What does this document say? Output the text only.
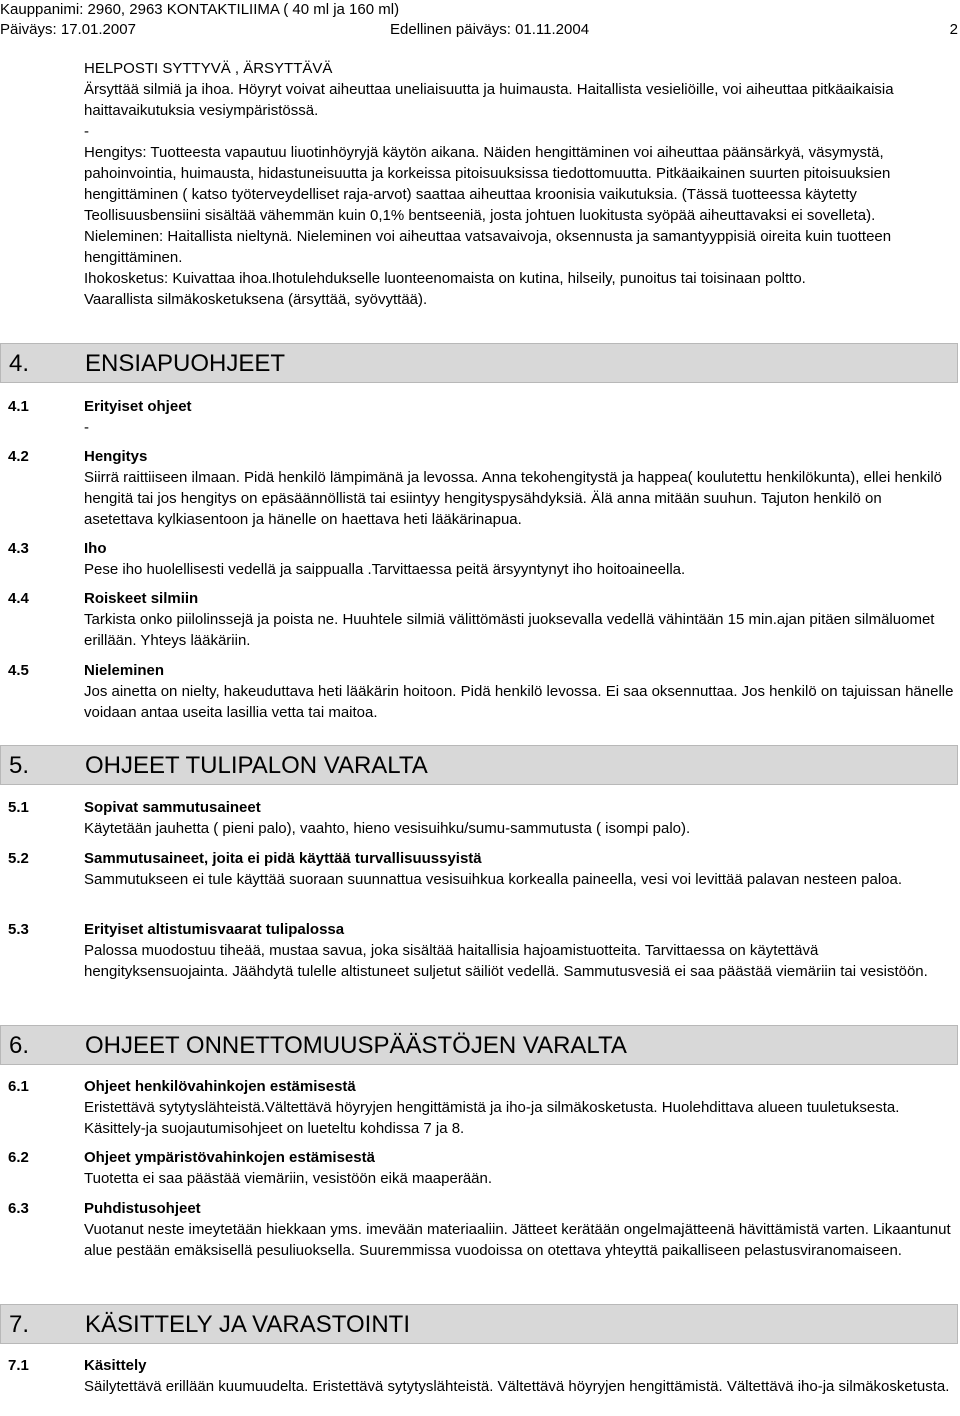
Kauppanimi: 2960, 2963 KONTAKTILIIMA ( 40 ml ja 160 ml)
Päiväys: 17.01.2007	Edellinen päiväys: 01.11.2004	2

HELPOSTI SYTTYVÄ , ÄRSYTTÄVÄ

Ärsyttää silmiä ja ihoa. Höyryt voivat aiheuttaa uneliaisuutta ja huimausta. Haitallista vesieliöille, voi aiheuttaa pitkäaikaisia haittavaikutuksia vesiympäristössä.

-

Hengitys: Tuotteesta vapautuu liuotinhöyryjä käytön aikana. Näiden hengittäminen voi aiheuttaa päänsärkyä, väsymystä, pahoinvointia, huimausta, hidastuneisuutta ja korkeissa pitoisuuksissa tiedottomuutta. Pitkäaikainen suurten pitoisuuksien hengittäminen ( katso työterveydelliset raja-arvot) saattaa aiheuttaa kroonisia vaikutuksia. (Tässä tuotteessa käytetty Teollisuusbensiini sisältää vähemmän kuin 0,1% bentseeniä, josta johtuen luokitusta syöpää aiheuttavaksi ei sovelleta).

Nieleminen: Haitallista nieltynä. Nieleminen voi aiheuttaa vatsavaivoja, oksennusta ja samantyyppisiä oireita kuin tuotteen hengittäminen.

Ihokosketus: Kuivattaa ihoa.Ihotulehdukselle luonteenomaista on kutina, hilseily, punoitus tai toisinaan poltto.

Vaarallista silmäkosketuksena (ärsyttää, syövyttää).

4. ENSIAPUOHJEET
4.1	Erityiset ohjeet
-
4.2	Hengitys
Siirrä raittiiseen ilmaan. Pidä henkilö lämpimänä ja levossa. Anna tekohengitystä ja happea( koulutettu henkilökunta), ellei henkilö hengitä tai jos hengitys on epäsäännöllistä tai esiintyy hengityspysähdyksiä. Älä anna mitään suuhun. Tajuton henkilö on asetettava kylkiasentoon ja hänelle on haettava heti lääkärinapua.
4.3	Iho
Pese iho huolellisesti vedellä ja saippualla .Tarvittaessa peitä ärsyyntynyt iho hoitoaineella.
4.4	Roiskeet silmiin
Tarkista onko piilolinssejä ja poista ne. Huuhtele silmiä välittömästi juoksevalla vedellä vähintään 15 min.ajan pitäen silmäluomet erillään. Yhteys lääkäriin.
4.5	Nieleminen
Jos ainetta on nielty, hakeuduttava heti lääkärin hoitoon. Pidä henkilö levossa. Ei saa oksennuttaa. Jos henkilö on tajuissan hänelle voidaan antaa useita lasillia vetta tai maitoa.
5. OHJEET TULIPALON VARALTA
5.1	Sopivat sammutusaineet
Käytetään jauhetta ( pieni palo), vaahto, hieno vesisuihku/sumu-sammutusta ( isompi palo).
5.2	Sammutusaineet, joita ei pidä käyttää turvallisuussyistä
Sammutukseen ei tule käyttää suoraan suunnattua vesisuihkua korkealla paineella, vesi voi levittää palavan nesteen paloa.
5.3	Erityiset altistumisvaarat tulipalossa
Palossa muodostuu tiheää, mustaa savua, joka sisältää haitallisia hajoamistuotteita. Tarvittaessa on käytettävä hengityksensuojainta. Jäähdytä tulelle altistuneet suljetut säiliöt vedellä. Sammutusvesiä ei saa päästää viemäriin tai vesistöön.
6. OHJEET ONNETTOMUUSPÄÄSTÖJEN VARALTA
6.1	Ohjeet henkilövahinkojen estämisestä
Eristettävä sytytyslähteistä.Vältettävä höyryjen hengittämistä ja iho-ja silmäkosketusta. Huolehdittava alueen tuuletuksesta. Käsittely-ja suojautumisohjeet on lueteltu kohdissa 7 ja 8.
6.2	Ohjeet ympäristövahinkojen estämisestä
Tuotetta ei saa päästää viemäriin, vesistöön eikä maaperään.
6.3	Puhdistusohjeet
Vuotanut neste imeytetään hiekkaan yms. imevään materiaaliin. Jätteet kerätään ongelmajätteenä hävittämistä varten. Likaantunut alue pestään emäksisellä pesuliuoksella. Suuremmissa vuodoissa on otettava yhteyttä paikalliseen pelastusviranomaiseen.
7. KÄSITTELY JA VARASTOINTI
7.1	Käsittely
Säilytettävä erillään kuumuudelta. Eristettävä sytytyslähteistä. Vältettävä höyryjen hengittämistä. Vältettävä iho-ja silmäkosketusta.
